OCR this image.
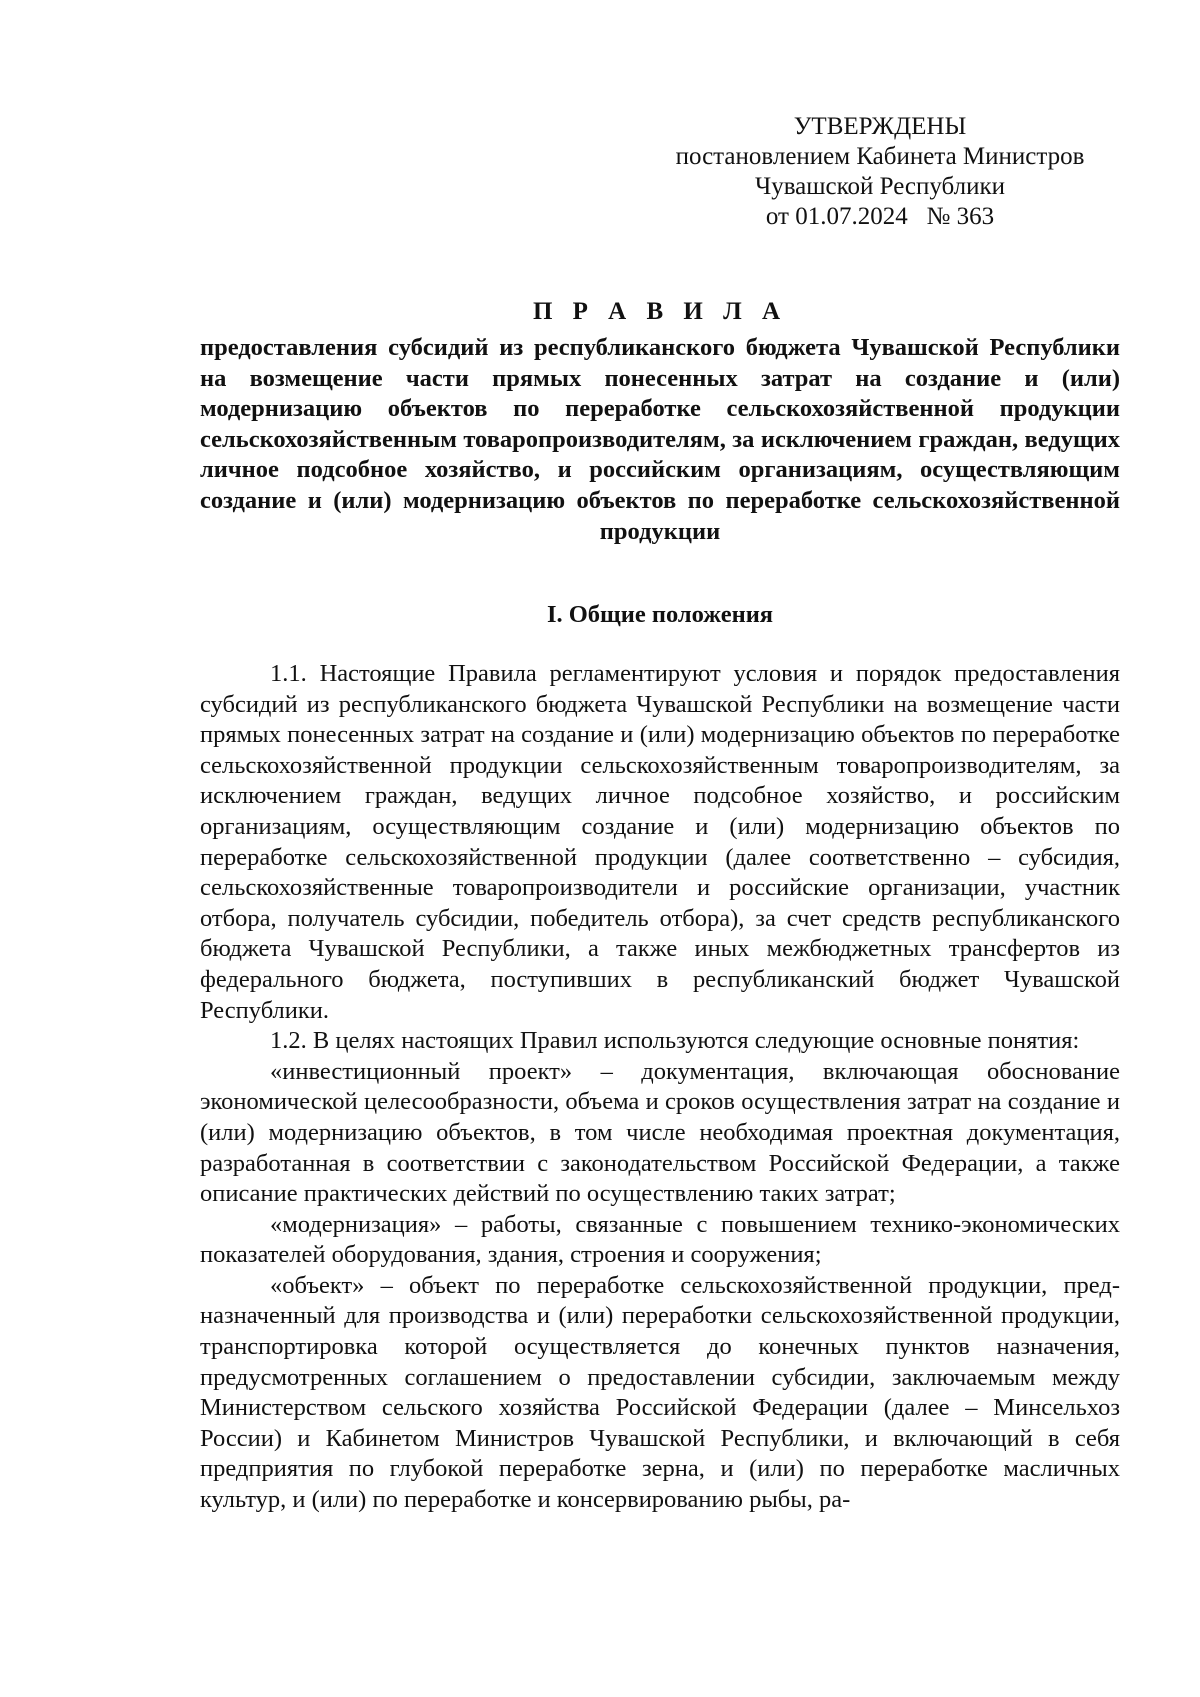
УТВЕРЖДЕНЫ
постановлением Кабинета Министров
Чувашской Республики
от 01.07.2024   № 363

П Р А В И Л А

предоставления субсидий из республиканского бюджета Чувашской Республики на возмещение части прямых понесенных затрат на создание и (или) модернизацию объектов по переработке сельскохозяйственной продукции сельскохозяйственным товаропроизводителям, за исключением граждан, ведущих личное подсобное хозяйство, и российским организациям, осуществляющим создание и (или) модернизацию объектов по переработке сельскохозяйственной продукции

I. Общие положения

1.1. Настоящие Правила регламентируют условия и порядок предоставления субсидий из республиканского бюджета Чувашской Республики на возмещение части прямых понесенных затрат на создание и (или) модернизацию объектов по переработке сельскохозяйственной продукции сельскохозяйственным товаропроизводителям, за исключением граждан, ведущих личное подсобное хозяйство, и российским организациям, осуществляющим создание и (или) модернизацию объектов по переработке сельскохозяйственной продукции (далее соответственно – субсидия, сельскохозяйственные товаропроизводители и российские организации, участник отбора, получатель субсидии, победитель отбора), за счет средств республиканского бюджета Чувашской Республики, а также иных межбюджетных трансфертов из федерального бюджета, поступивших в республиканский бюджет Чувашской Республики.

1.2. В целях настоящих Правил используются следующие основные понятия:

«инвестиционный проект» – документация, включающая обоснование экономической целесообразности, объема и сроков осуществления затрат на создание и (или) модернизацию объектов, в том числе необходимая проектная документация, разработанная в соответствии с законодательством Российской Федерации, а также описание практических действий по осуществлению таких затрат;

«модернизация» – работы, связанные с повышением технико-экономических показателей оборудования, здания, строения и сооружения;

«объект» – объект по переработке сельскохозяйственной продукции, предназначенный для производства и (или) переработки сельскохозяйственной продукции, транспортировка которой осуществляется до конечных пунктов назначения, предусмотренных соглашением о предоставлении субсидии, заключаемым между Министерством сельского хозяйства Российской Федерации (далее – Минсельхоз России) и Кабинетом Министров Чувашской Республики, и включающий в себя предприятия по глубокой переработке зерна, и (или) по переработке масличных культур, и (или) по переработке и консервированию рыбы, ра-
